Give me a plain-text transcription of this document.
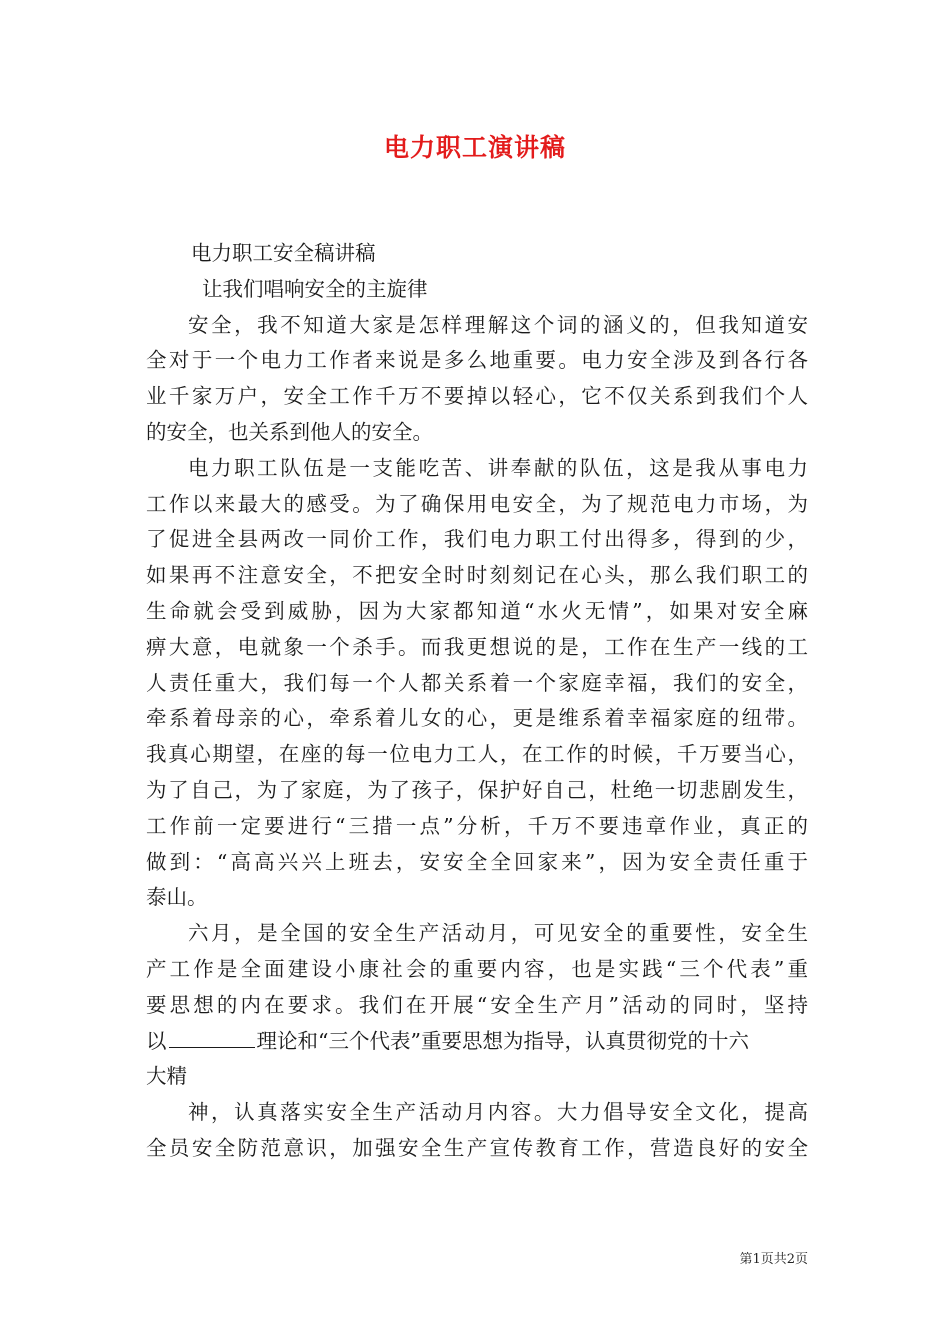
电力职工演讲稿

电力职工安全稿讲稿

让我们唱响安全的主旋律

安全，我不知道大家是怎样理解这个词的涵义的，但我知道安

全对于一个电力工作者来说是多么地重要。电力安全涉及到各行各

业千家万户，安全工作千万不要掉以轻心，它不仅关系到我们个人

的安全，也关系到他人的安全。

电力职工队伍是一支能吃苦、讲奉献的队伍，这是我从事电力

工作以来最大的感受。为了确保用电安全，为了规范电力市场，为

了促进全县两改一同价工作，我们电力职工付出得多，得到的少，

如果再不注意安全，不把安全时时刻刻记在心头，那么我们职工的

生命就会受到威胁，因为大家都知道“水火无情”，如果对安全麻

痹大意，电就象一个杀手。而我更想说的是，工作在生产一线的工

人责任重大，我们每一个人都关系着一个家庭幸福，我们的安全，

牵系着母亲的心，牵系着儿女的心，更是维系着幸福家庭的纽带。

我真心期望，在座的每一位电力工人，在工作的时候，千万要当心，

为了自己，为了家庭，为了孩子，保护好自己，杜绝一切悲剧发生，

工作前一定要进行“三措一点”分析，千万不要违章作业，真正的

做到：“高高兴兴上班去，安安全全回家来”，因为安全责任重于

泰山。

六月，是全国的安全生产活动月，可见安全的重要性，安全生

产工作是全面建设小康社会的重要内容，也是实践“三个代表”重

要思想的内在要求。我们在开展“安全生产月”活动的同时，坚持

以	理论和“三个代表”重要思想为指导，认真贯彻党的十六

大精

神，认真落实安全生产活动月内容。大力倡导安全文化，提高

全员安全防范意识，加强安全生产宣传教育工作，营造良好的安全

第1页共2页
